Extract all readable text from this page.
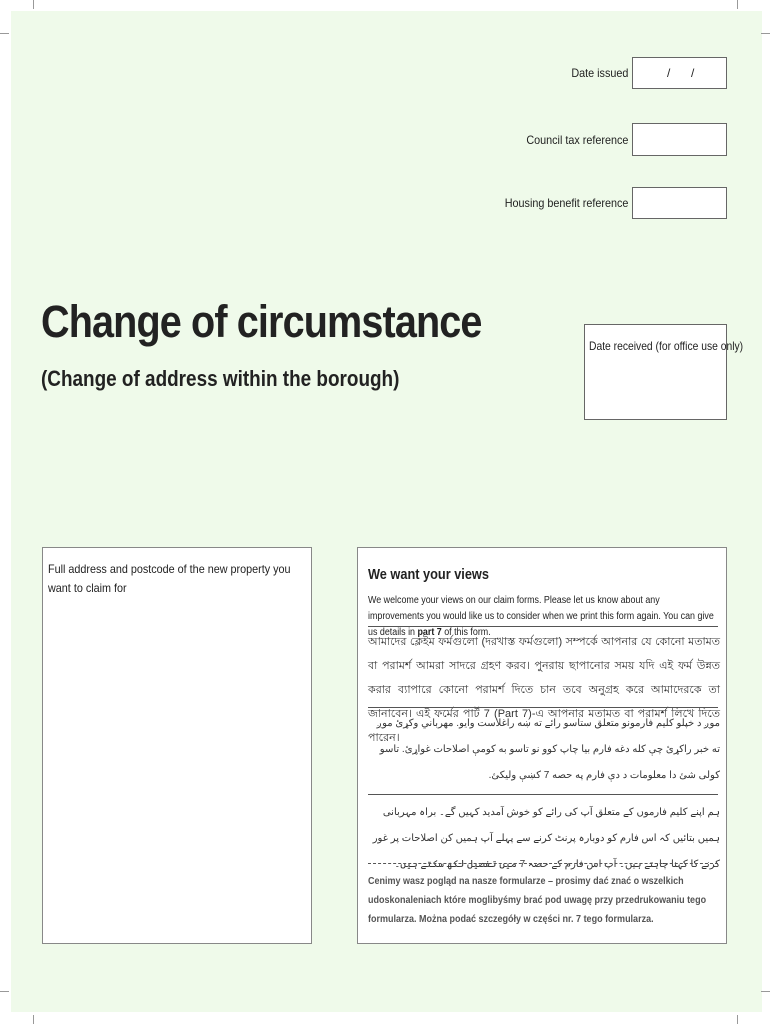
Date issued	/ /
Council tax reference
Housing benefit reference
Change of circumstance
(Change of address within the borough)
Date received (for office use only)
Full address and postcode of the new property you want to claim for
We want your views
We welcome your views on our claim forms. Please let us know about any improvements you would like us to consider when we print this form again. You can give us details in part 7 of this form.
আমাদের ক্লেইম ফর্মগুলো (দরখাস্ত ফর্মগুলো) সম্পর্কে আপনার যে কোনো মতামত বা পরামর্শ আমরা সাদরে গ্রহণ করব। পুনরায় ছাপানোর সময় যদি এই ফর্ম উন্নত করার ব্যাপারে কোনো পরামর্শ দিতে চান তবে অনুগ্রহ করে আমাদেরকে তা জানাবেন। এই ফর্মের পার্ট 7 (Part 7)-এ আপনার মতামত বা পরামর্শ লিখে দিতে পারেন।
موږ د خپلو کلیم فارمونو متعلق ستاسو رائے ته ښه راغلاست وایو. مهرباني وکړئ موږ ته خبر راکړئ چې کله دغه فارم بیا چاپ کوو نو تاسو به کومې اصلاحات غواړئ. تاسو کولی شئ دا معلومات د دې فارم په حصه 7 کښې وليکئ.
ہم اپنے کلیم فارموں کے متعلق آپ کی رائے کو خوش آمدید کہیں گے۔ براہ مہربانی ہمیں بتائیں کہ اس فارم کو دوبارہ پرنٹ کرنے سے پہلے آپ ہمیں کن اصلاحات پر غور کرنے کا کہنا چاہتے ہیں۔ آپ اس فارم کے حصہ 7 میں تفصیل لکھ سکتے ہیں۔
Cenimy wasz pogląd na nasze formularze – prosimy dać znać o wszelkich udoskonaleniach które moglibyśmy brać pod uwagę przy przedrukowaniu tego formularza. Można podać szczegóły w części nr. 7 tego formularza.
